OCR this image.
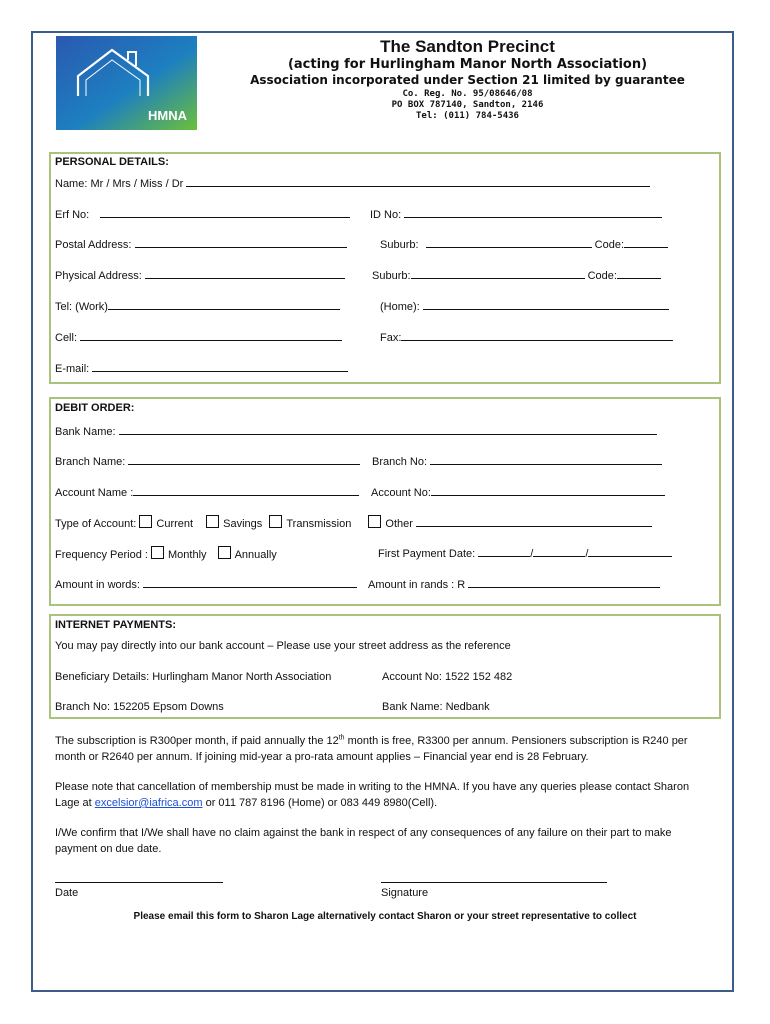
HMNA

The Sandton Precinct

(acting for Hurlingham Manor North Association)

Association incorporated under Section 21 limited by guarantee

Co. Reg. No. 95/08646/08

PO BOX 787140, Sandton, 2146

Tel: (011) 784-5436

PERSONAL DETAILS:

Name: Mr / Mrs / Miss / Dr

Erf No:	ID No:

Postal Address:	Suburb:	Code:

Physical Address:	Suburb:	Code:

Tel: (Work)	(Home):

Cell:	Fax:

E-mail:

DEBIT ORDER:

Bank Name:

Branch Name:	Branch No:

Account Name :	Account No:

Type of Account: Current	Savings Transmission	Other

Frequency Period : Monthly	Annually	First Payment Date:	/	/

Amount in words:	Amount in rands : R

INTERNET PAYMENTS:

You may pay directly into our bank account – Please use your street address as the reference

Beneficiary Details: Hurlingham Manor North Association	Account No: 1522 152 482

Branch No: 152205 Epsom Downs	Bank Name: Nedbank

The subscription is R300per month, if paid annually the 12th month is free, R3300 per annum. Pensioners subscription is R240 per month or R2640 per annum. If joining mid-year a pro-rata amount applies – Financial year end is 28 February.

Please note that cancellation of membership must be made in writing to the HMNA. If you have any queries please contact Sharon Lage at excelsior@iafrica.com or 011 787 8196 (Home) or 083 449 8980(Cell).

I/We confirm that I/We shall have no claim against the bank in respect of any consequences of any failure on their part to make payment on due date.

Date	Signature

Please email this form to Sharon Lage alternatively contact Sharon or your street representative to collect
